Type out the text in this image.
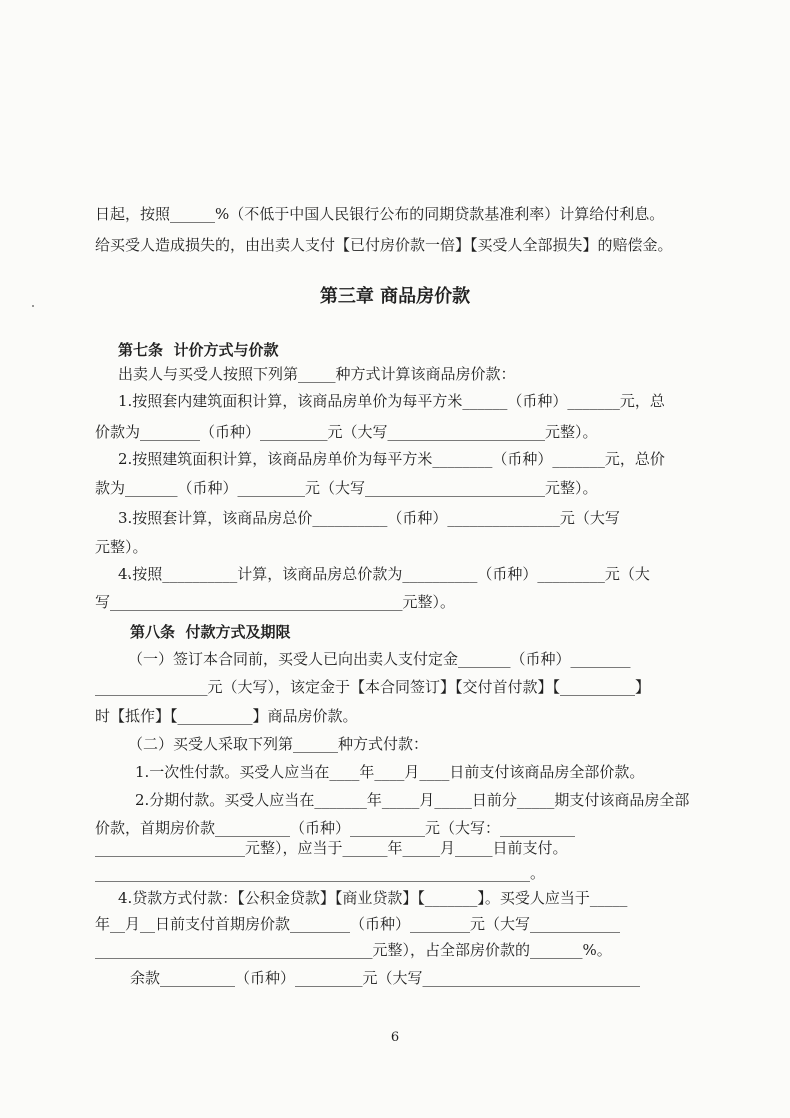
日起，按照______%（不低于中国人民银行公布的同期贷款基准利率）计算给付利息。
给买受人造成损失的，由出卖人支付【已付房价款一倍】【买受人全部损失】的赔偿金。
第三章 商品房价款
第七条  计价方式与价款
出卖人与买受人按照下列第_____种方式计算该商品房价款：
1.按照套内建筑面积计算，该商品房单价为每平方米______（币种）_______元，总
价款为________（币种）_________元（大写_____________________元整）。
2.按照建筑面积计算，该商品房单价为每平方米________（币种）_______元，总价
款为_______（币种）_________元（大写________________________元整）。
3.按照套计算，该商品房总价__________（币种）_______________元（大写
元整）。
4.按照__________计算，该商品房总价款为__________（币种）_________元（大
写_______________________________________元整）。
第八条  付款方式及期限
（一）签订本合同前，买受人已向出卖人支付定金_______（币种）________
_______________元（大写），该定金于【本合同签订】【交付首付款】【__________】
时【抵作】【__________】商品房价款。
（二）买受人采取下列第______种方式付款：
1.一次性付款。买受人应当在____年____月____日前支付该商品房全部价款。
2.分期付款。买受人应当在_______年_____月_____日前分_____期支付该商品房全部
价款，首期房价款__________（币种）__________元（大写：__________
____________________元整），应当于______年_____月_____日前支付。
__________________________________________________________。
4.贷款方式付款：【公积金贷款】【商业贷款】【_______】。买受人应当于_____
年__月__日前支付首期房价款________（币种）________元（大写____________
_____________________________________元整），占全部房价款的_______%。
余款__________（币种）_________元（大写_____________________________
6
